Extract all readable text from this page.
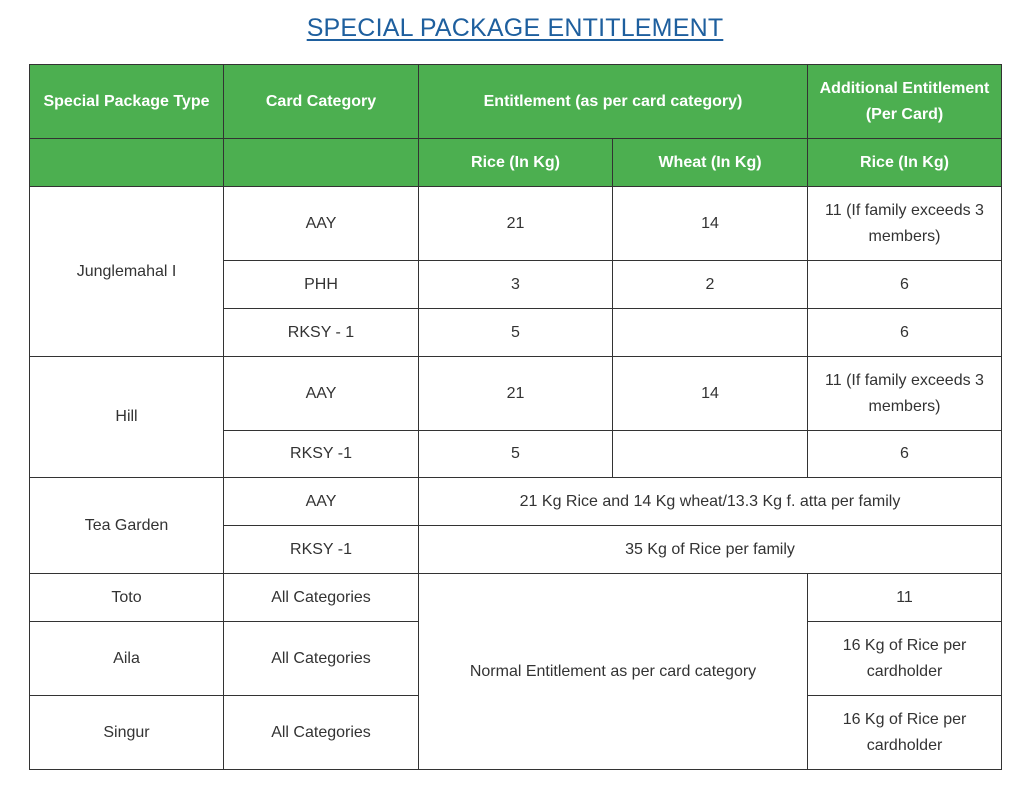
SPECIAL PACKAGE ENTITLEMENT
Special Package Type	Card Category	Entitlement (as per card category)		Additional Entitlement (Per Card)
		Rice (In Kg)	Wheat (In Kg)	Rice (In Kg)
Junglemahal I	AAY	21	14	11 (If family exceeds 3 members)
	PHH	3	2	6
	RKSY - 1	5		6
Hill	AAY	21	14	11 (If family exceeds 3 members)
	RKSY -1	5		6
Tea Garden	AAY	21 Kg Rice and 14 Kg wheat/13.3 Kg f. atta per family		
	RKSY -1	35 Kg of Rice per family		
Toto	All Categories	Normal Entitlement as per card category		11
Aila	All Categories			16 Kg of Rice per cardholder
Singur	All Categories			16 Kg of Rice per cardholder
